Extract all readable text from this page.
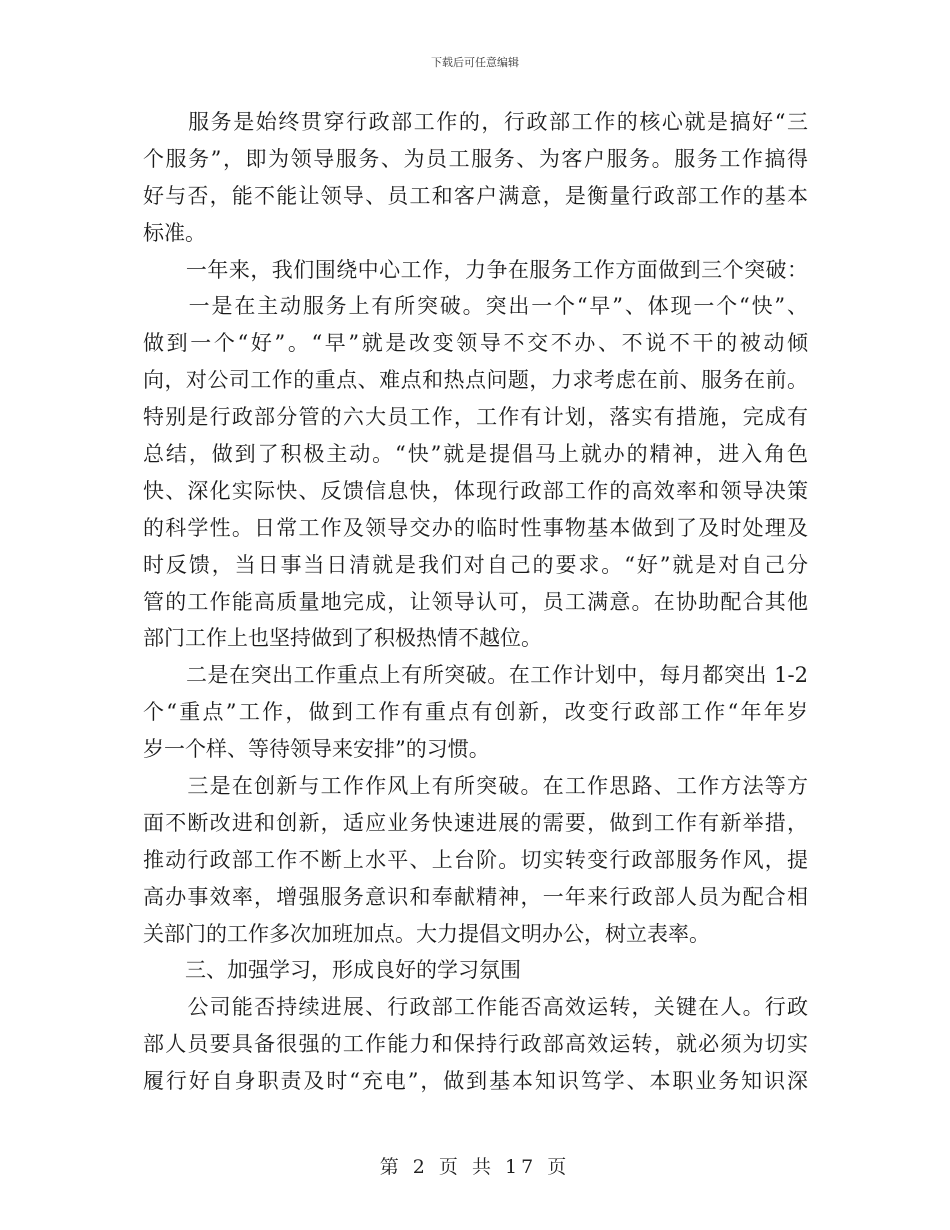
下载后可任意编辑
　　服务是始终贯穿行政部工作的，行政部工作的核心就是搞好“三
个服务”，即为领导服务、为员工服务、为客户服务。服务工作搞得
好与否，能不能让领导、员工和客户满意，是衡量行政部工作的基本
标准。
　　一年来，我们围绕中心工作，力争在服务工作方面做到三个突破：
　　一是在主动服务上有所突破。突出一个“早”、体现一个“快”、
做到一个“好”。“早”就是改变领导不交不办、不说不干的被动倾
向，对公司工作的重点、难点和热点问题，力求考虑在前、服务在前。
特别是行政部分管的六大员工作，工作有计划，落实有措施，完成有
总结，做到了积极主动。“快”就是提倡马上就办的精神，进入角色
快、深化实际快、反馈信息快，体现行政部工作的高效率和领导决策
的科学性。日常工作及领导交办的临时性事物基本做到了及时处理及
时反馈，当日事当日清就是我们对自己的要求。“好”就是对自己分
管的工作能高质量地完成，让领导认可，员工满意。在协助配合其他
部门工作上也坚持做到了积极热情不越位。
　　二是在突出工作重点上有所突破。在工作计划中，每月都突出 1-2
个“重点”工作，做到工作有重点有创新，改变行政部工作“年年岁
岁一个样、等待领导来安排”的习惯。
　　三是在创新与工作作风上有所突破。在工作思路、工作方法等方
面不断改进和创新，适应业务快速进展的需要，做到工作有新举措，
推动行政部工作不断上水平、上台阶。切实转变行政部服务作风，提
高办事效率，增强服务意识和奉献精神，一年来行政部人员为配合相
关部门的工作多次加班加点。大力提倡文明办公，树立表率。
　　三、加强学习，形成良好的学习氛围
　　公司能否持续进展、行政部工作能否高效运转，关键在人。行政
部人员要具备很强的工作能力和保持行政部高效运转，就必须为切实
履行好自身职责及时“充电”，做到基本知识笃学、本职业务知识深
第 2 页 共 17 页
